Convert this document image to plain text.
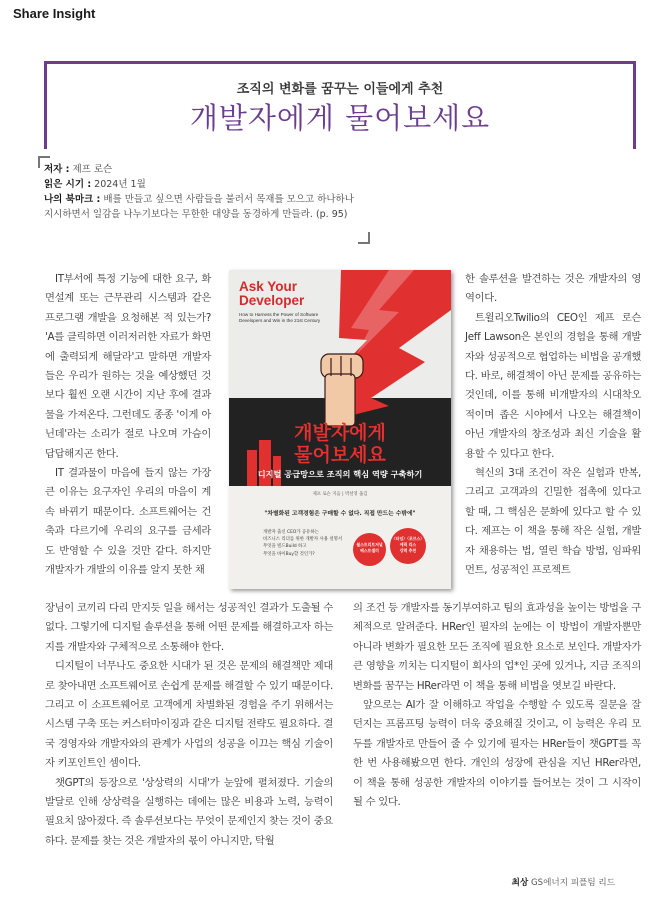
Share Insight
조직의 변화를 꿈꾸는 이들에게 추천
개발자에게 물어보세요
저자 : 제프 로슨
읽은 시기 : 2024년 1월
나의 북마크 : 배를 만들고 싶으면 사람들을 불러서 목재를 모으고 하나하나
지시하면서 일감을 나누기보다는 무한한 대양을 동경하게 만들라. (p. 95)
Ask Your
Developer
How to Harness the Power of Software Developers and Win in the 21st Century
개발자에게
물어보세요
디지털 공급망으로 조직의 핵심 역량 구축하기
제프 로슨 지음 | 박설영 옮김
"차별화된 고객경험은 구매할 수 없다. 직접 만드는 수밖에"
개발자 출신 CEO가 공유하는
비즈니스 리더를 위한 개발자 사용 설명서
무엇을 빌드Build 하고
무엇을 바이Buy할 것인가?
월스트리트저널
베스트셀러
〈타임〉〈포브스〉
에릭 리스
강력 추천

IT부서에 특정 기능에 대한 요구, 화면설계 또는 근무관리 시스템과 같은 프로그램 개발을 요청해본 적 있는가? 'A를 클릭하면 이러저러한 자료가 화면에 출력되게 해달라'고 말하면 개발자들은 우리가 원하는 것을 예상했던 것보다 훨씬 오랜 시간이 지난 후에 결과물을 가져온다. 그런데도 종종 '이게 아닌데'라는 소리가 절로 나오며 가슴이 답답해지곤 한다.

IT 결과물이 마음에 들지 않는 가장 큰 이유는 요구자인 우리의 마음이 계속 바뀌기 때문이다. 소프트웨어는 건축과 다르기에 우리의 요구를 금세라도 반영할 수 있을 것만 같다. 하지만 개발자가 개발의 이유를 알지 못한 채

장님이 코끼리 다리 만지듯 일을 해서는 성공적인 결과가 도출될 수 없다. 그렇기에 디지털 솔루션을 통해 어떤 문제를 해결하고자 하는지를 개발자와 구체적으로 소통해야 한다.

디지털이 너무나도 중요한 시대가 된 것은 문제의 해결책만 제대로 찾아내면 소프트웨어로 손쉽게 문제를 해결할 수 있기 때문이다. 그리고 이 소프트웨어로 고객에게 차별화된 경험을 주기 위해서는 시스템 구축 또는 커스터마이징과 같은 디지털 전략도 필요하다. 결국 경영자와 개발자와의 관계가 사업의 성공을 이끄는 핵심 기술이자 키포인트인 셈이다.

챗GPT의 등장으로 '상상력의 시대'가 눈앞에 펼쳐졌다. 기술의 발달로 인해 상상력을 실행하는 데에는 많은 비용과 노력, 능력이 필요치 않아졌다. 즉 솔루션보다는 무엇이 문제인지 찾는 것이 중요하다. 문제를 찾는 것은 개발자의 몫이 아니지만, 탁월

한 솔루션을 발견하는 것은 개발자의 영역이다.

트윌리오Twilio의 CEO인 제프 로슨Jeff Lawson은 본인의 경험을 통해 개발자와 성공적으로 협업하는 비법을 공개했다. 바로, 해결책이 아닌 문제를 공유하는 것인데, 이를 통해 비개발자의 시대착오적이며 좁은 시야에서 나오는 해결책이 아닌 개발자의 창조성과 최신 기술을 활용할 수 있다고 한다.

혁신의 3대 조건이 작은 실험과 반복, 그리고 고객과의 긴밀한 접촉에 있다고 할 때, 그 핵심은 문화에 있다고 할 수 있다. 제프는 이 책을 통해 작은 실험, 개발자 채용하는 법, 열린 학습 방법, 임파워먼트, 성공적인 프로젝트

의 조건 등 개발자를 동기부여하고 팀의 효과성을 높이는 방법을 구체적으로 알려준다. HRer인 필자의 눈에는 이 방법이 개발자뿐만 아니라 변화가 필요한 모든 조직에 필요한 요소로 보인다. 개발자가 큰 영향을 끼치는 디지털이 회사의 업*인 곳에 있거나, 지금 조직의 변화를 꿈꾸는 HRer라면 이 책을 통해 비법을 엿보길 바란다.

앞으로는 AI가 잘 이해하고 작업을 수행할 수 있도록 질문을 잘 던지는 프롬프팅 능력이 더욱 중요해질 것이고, 이 능력은 우리 모두를 개발자로 만들어 줄 수 있기에 필자는 HRer들이 챗GPT를 꼭 한 번 사용해봤으면 한다. 개인의 성장에 관심을 지닌 HRer라면, 이 책을 통해 성공한 개발자의 이야기를 들어보는 것이 그 시작이 될 수 있다.

최상 GS에너지 피플팀 리드
